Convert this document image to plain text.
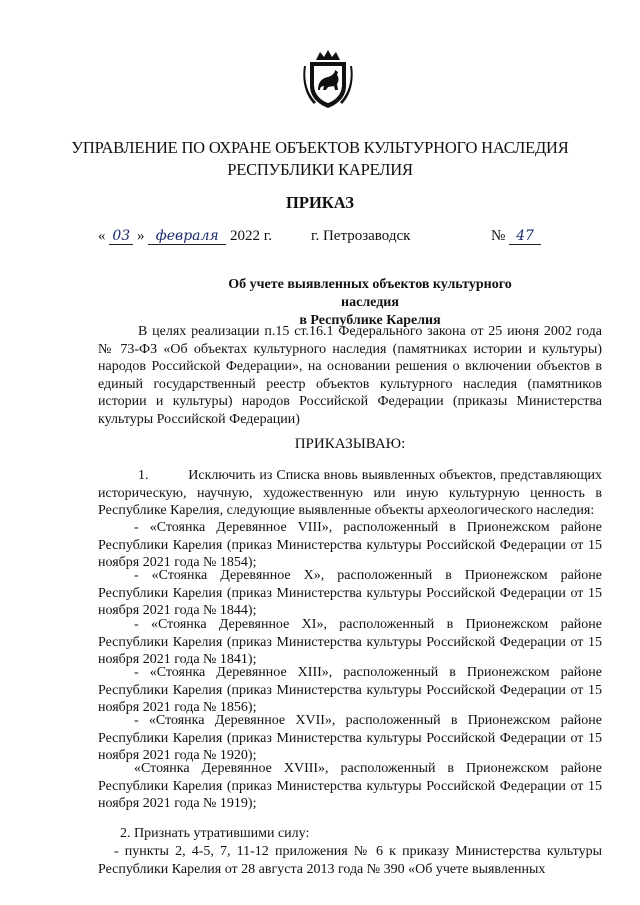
УПРАВЛЕНИЕ ПО ОХРАНЕ ОБЪЕКТОВ КУЛЬТУРНОГО НАСЛЕДИЯ
РЕСПУБЛИКИ КАРЕЛИЯ
ПРИКАЗ
« 03 » февраля 2022 г.	г. Петрозаводск	№ 47
Об учете выявленных объектов культурного наследия
в Республике Карелия

В целях реализации п.15 ст.16.1 Федерального закона от 25 июня 2002 года № 73-ФЗ «Об объектах культурного наследия (памятниках истории и культуры) народов Российской Федерации», на основании решения о включении объектов в единый государственный реестр объектов культурного наследия (памятников истории и культуры) народов Российской Федерации (приказы Министерства культуры Российской Федерации)

ПРИКАЗЫВАЮ:

1.	Исключить из Списка вновь выявленных объектов, представляющих историческую, научную, художественную или иную культурную ценность в Республике Карелия, следующие выявленные объекты археологического наследия:

- «Стоянка Деревянное VIII», расположенный в Прионежском районе Республики Карелия (приказ Министерства культуры Российской Федерации от 15 ноября 2021 года № 1854);

- «Стоянка Деревянное X», расположенный в Прионежском районе Республики Карелия (приказ Министерства культуры Российской Федерации от 15 ноября 2021 года № 1844);

- «Стоянка Деревянное XI», расположенный в Прионежском районе Республики Карелия (приказ Министерства культуры Российской Федерации от 15 ноября 2021 года № 1841);

- «Стоянка Деревянное XIII», расположенный в Прионежском районе Республики Карелия (приказ Министерства культуры Российской Федерации от 15 ноября 2021 года № 1856);

- «Стоянка Деревянное XVII», расположенный в Прионежском районе Республики Карелия (приказ Министерства культуры Российской Федерации от 15 ноября 2021 года № 1920);

«Стоянка Деревянное XVIII», расположенный в Прионежском районе Республики Карелия (приказ Министерства культуры Российской Федерации от 15 ноября 2021 года № 1919);

2. Признать утратившими силу:

- пункты 2, 4-5, 7, 11-12 приложения № 6 к приказу Министерства культуры Республики Карелия от 28 августа 2013 года № 390 «Об учете выявленных
